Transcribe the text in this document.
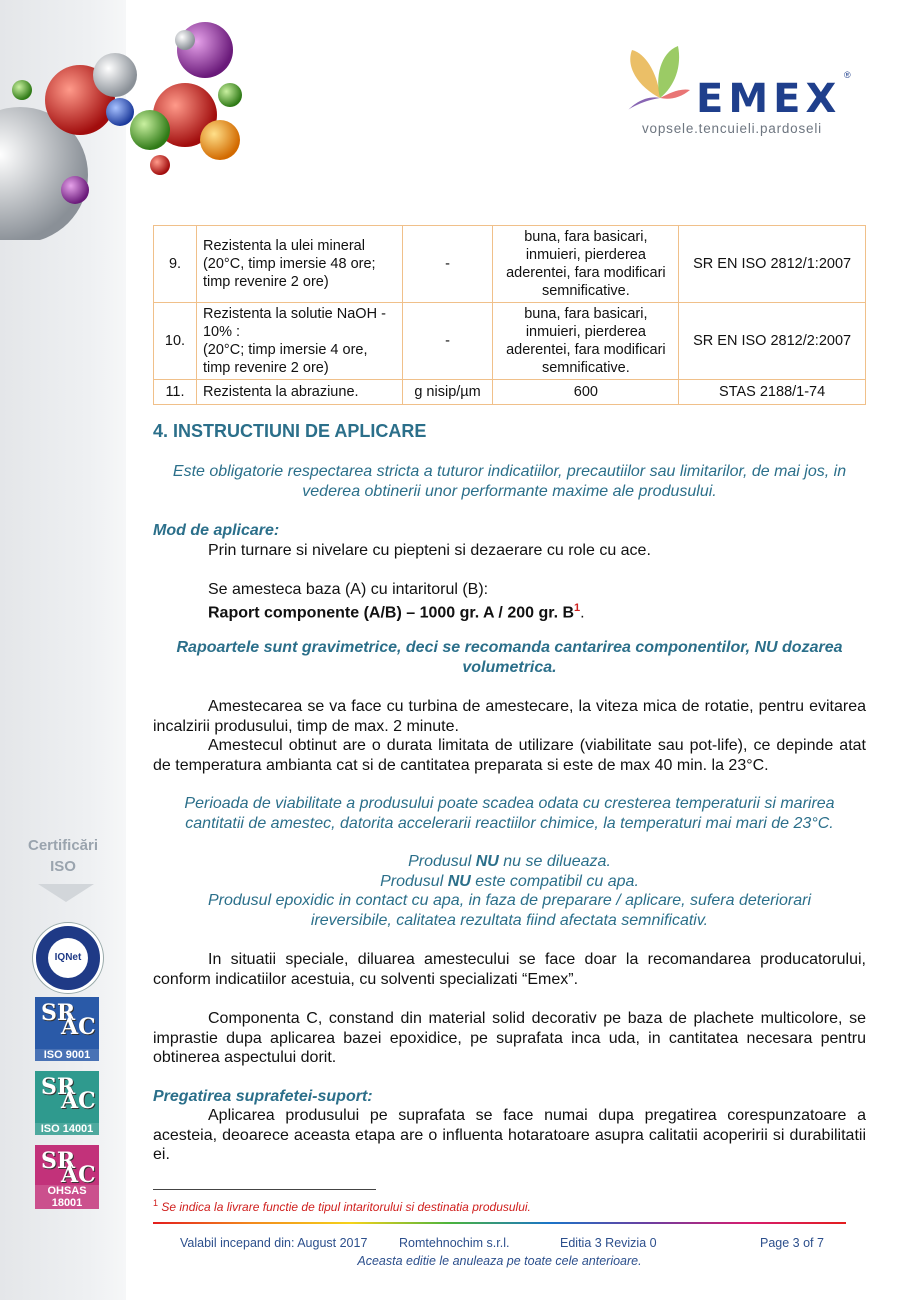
EMEX
®
vopsele.tencuieli.pardoseli
Certificări
ISO
IQNet
SR
AC
ISO 9001
SR
AC
ISO 14001
SR
AC
OHSAS 18001
9.	Rezistenta la ulei mineral (20°C, timp imersie 48 ore; timp revenire 2 ore)	-	buna, fara basicari, inmuieri, pierderea aderentei, fara modificari semnificative.	SR EN ISO 2812/1:2007
10.	Rezistenta la solutie NaOH - 10% :
(20°C; timp imersie 4 ore, timp revenire 2 ore)	-	buna, fara basicari, inmuieri, pierderea aderentei, fara modificari semnificative.	SR EN ISO 2812/2:2007
11.	Rezistenta la abraziune.	g nisip/µm	600	STAS 2188/1-74
4. INSTRUCTIUNI DE APLICARE

Este obligatorie respectarea stricta a tuturor indicatiilor, precautiilor sau limitarilor, de mai jos, in vederea obtinerii unor performante maxime ale produsului.

Mod de aplicare:

Prin turnare si nivelare cu piepteni si dezaerare cu role cu ace.

Se amesteca baza (A) cu intaritorul (B):

Raport componente (A/B) – 1000 gr. A / 200 gr. $B^1$.

Rapoartele sunt gravimetrice, deci se recomanda cantarirea componentilor, NU dozarea volumetrica.

Amestecarea se va face cu turbina de amestecare, la viteza mica de rotatie, pentru evitarea incalzirii produsului, timp de max. 2 minute.

Amestecul obtinut are o durata limitata de utilizare (viabilitate sau pot-life), ce depinde atat de temperatura ambianta cat si de cantitatea preparata si este de max 40 min. la 23°C.

Perioada de viabilitate a produsului poate scadea odata cu cresterea temperaturii si marirea cantitatii de amestec, datorita accelerarii reactiilor chimice, la temperaturi mai mari de 23°C.

Produsul NU nu se dilueaza.

Produsul NU este compatibil cu apa.

Produsul epoxidic in contact cu apa, in faza de preparare / aplicare, sufera deteriorari ireversibile, calitatea rezultata fiind afectata semnificativ.

In situatii speciale, diluarea amestecului se face doar la recomandarea producatorului, conform indicatiilor acestuia, cu solventi specializati “Emex”.

Componenta C, constand din material solid decorativ pe baza de plachete multicolore, se imprastie dupa aplicarea bazei epoxidice, pe suprafata inca uda, in cantitatea necesara pentru obtinerea aspectului dorit.

Pregatirea suprafetei-suport:

Aplicarea produsului pe suprafata se face numai dupa pregatirea corespunzatoare a acesteia, deoarece aceasta etapa are o influenta hotaratoare asupra calitatii acoperirii si durabilitatii ei.

$^1$ Se indica la livrare functie de tipul intaritorului si destinatia produsului.
Valabil incepand din: August 2017	Romtehnochim s.r.l.	Editia 3 Revizia 0	Page 3 of 7
Aceasta editie le anuleaza pe toate cele anterioare.
